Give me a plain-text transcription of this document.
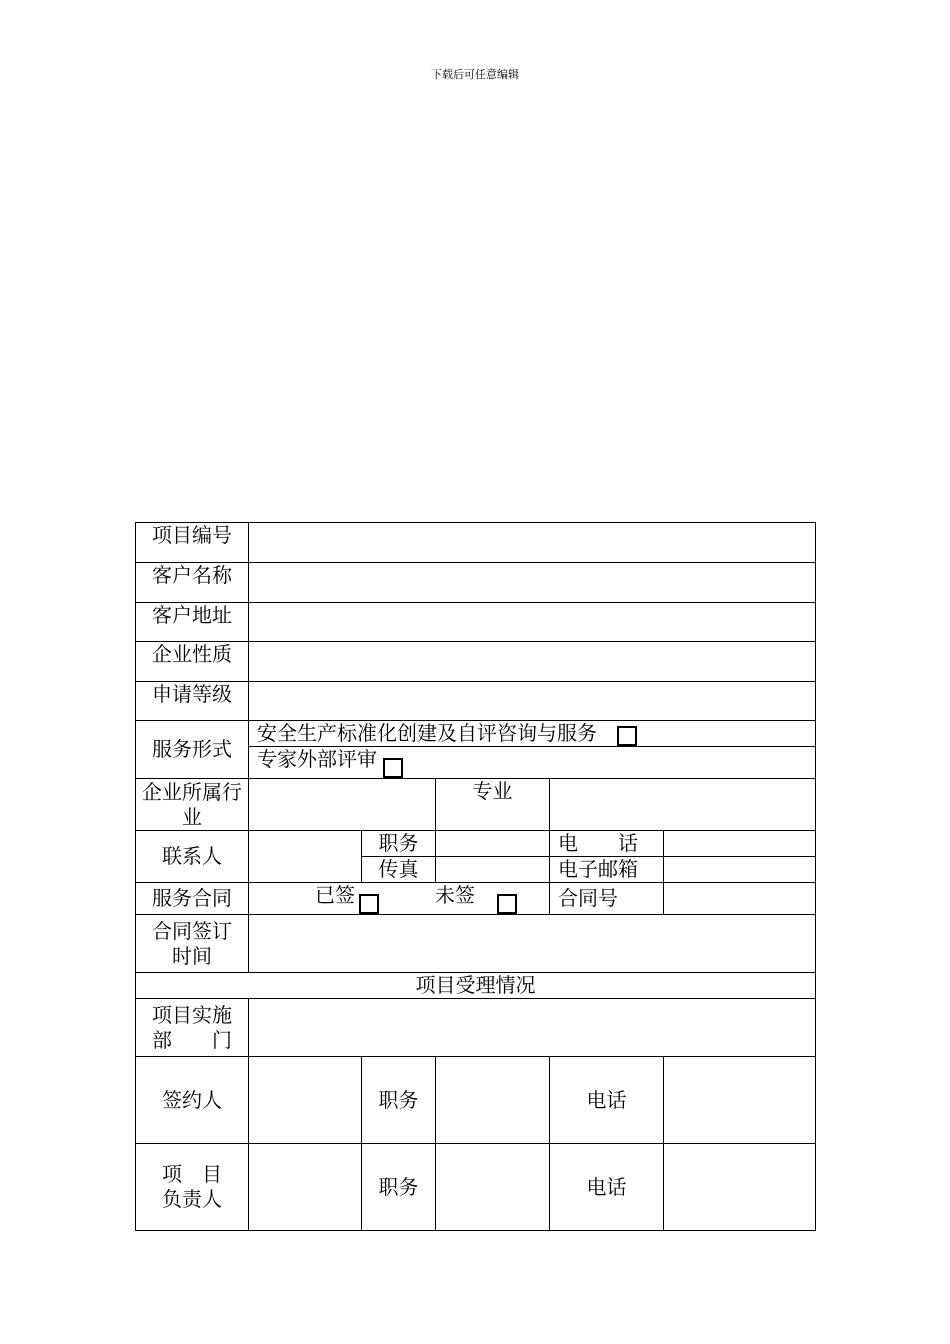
下载后可任意编辑
项目编号					
客户名称					
客户地址					
企业性质					
申请等级					
服务形式	安全生产标准化创建及自评咨询与服务				
	专家外部评审				
企业所属行业			专业		
联系人		职务		电　　话	
		传真		电子邮箱	
服务合同	已签 未签			合同号	
合同签订时间					
项目受理情况					

项目实施
部　　门					

签约人		职务		电话	

项　目
负责人		职务		电话	
